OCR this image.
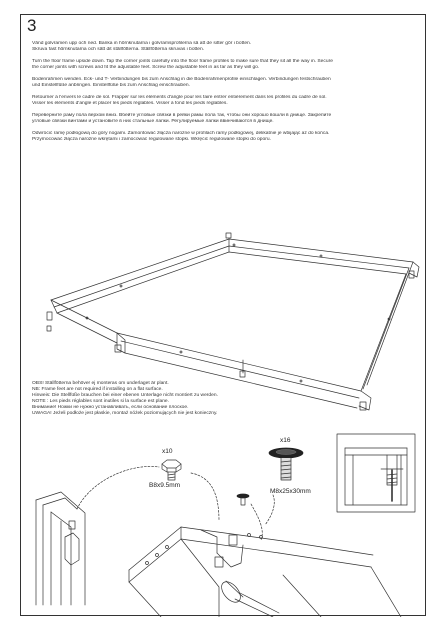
3

Vänd golvramen upp och ned. Banka in hörnknutarna i golvramsprofilerna så att de sitter gör i botten.
Skruva fast hörnknutarna och sätt dit ställfötterna. Ställfötterna skruvas i botten.

Turn the floor frame upside down. Tap the corner joints carefully into the floor frame profiles to make sure that they sit all the way in. Secure
the corner joints with screws and fit the adjustable feet. Screw the adjustable feet in as far as they will go.

Bodenrahmen wenden. Eck- und T- Verbindungen bis zum Anschlag in die Bodenrahmenprofile einschlagen. Verbindungen festschrauben
und Einstellfüße anbringen. Einstellfüße bis zum Anschlag einschrauben.

Retourner à l'envers le cadre de sol. Frapper sur les éléments d'angle pour les faire entrer entièrement dans les profilés du cadre de sol.
Visser les éléments d'angle et placer les pieds réglables. Visser à fond les pieds réglables.

Переверните раму пола верхом вниз. Вбейте угловые связки в рейки рамы пола так, чтобы они хорошо вошли в днище. Закрепите
угловые связки винтами и установите в них стальные лапки. Регулируемые лапки ввинчиваются в днище.

Odwrócić ramę podłogową do góry nogami. Zamontować złącza narożne w profilach ramy podłogowej, delikatnie je wbijając aż do końca.
Przymocować złącza narożne wkrętami i zamocować regulowane stopki. Wkręcić regulowane stopki do oporu.

OBS! Ställfötterna behöver ej monteras om underlaget är plant.
NB: Frame feet are not required if installing on a flat surface.
Hinweis: Die Stellfüße brauchen bei einer ebenen Unterlage nicht montiert zu werden.
NOTE : Les pieds réglables sont inutiles si la surface est plane.
Внимание! Ножки не нужно устанавливать, если основание плоское.
UWAGA! Jeżeli podłoże jest płaskie, montaż nóżek poziomujących nie jest konieczny.
x10
B8x9.5mm
x16
M8x25x30mm
